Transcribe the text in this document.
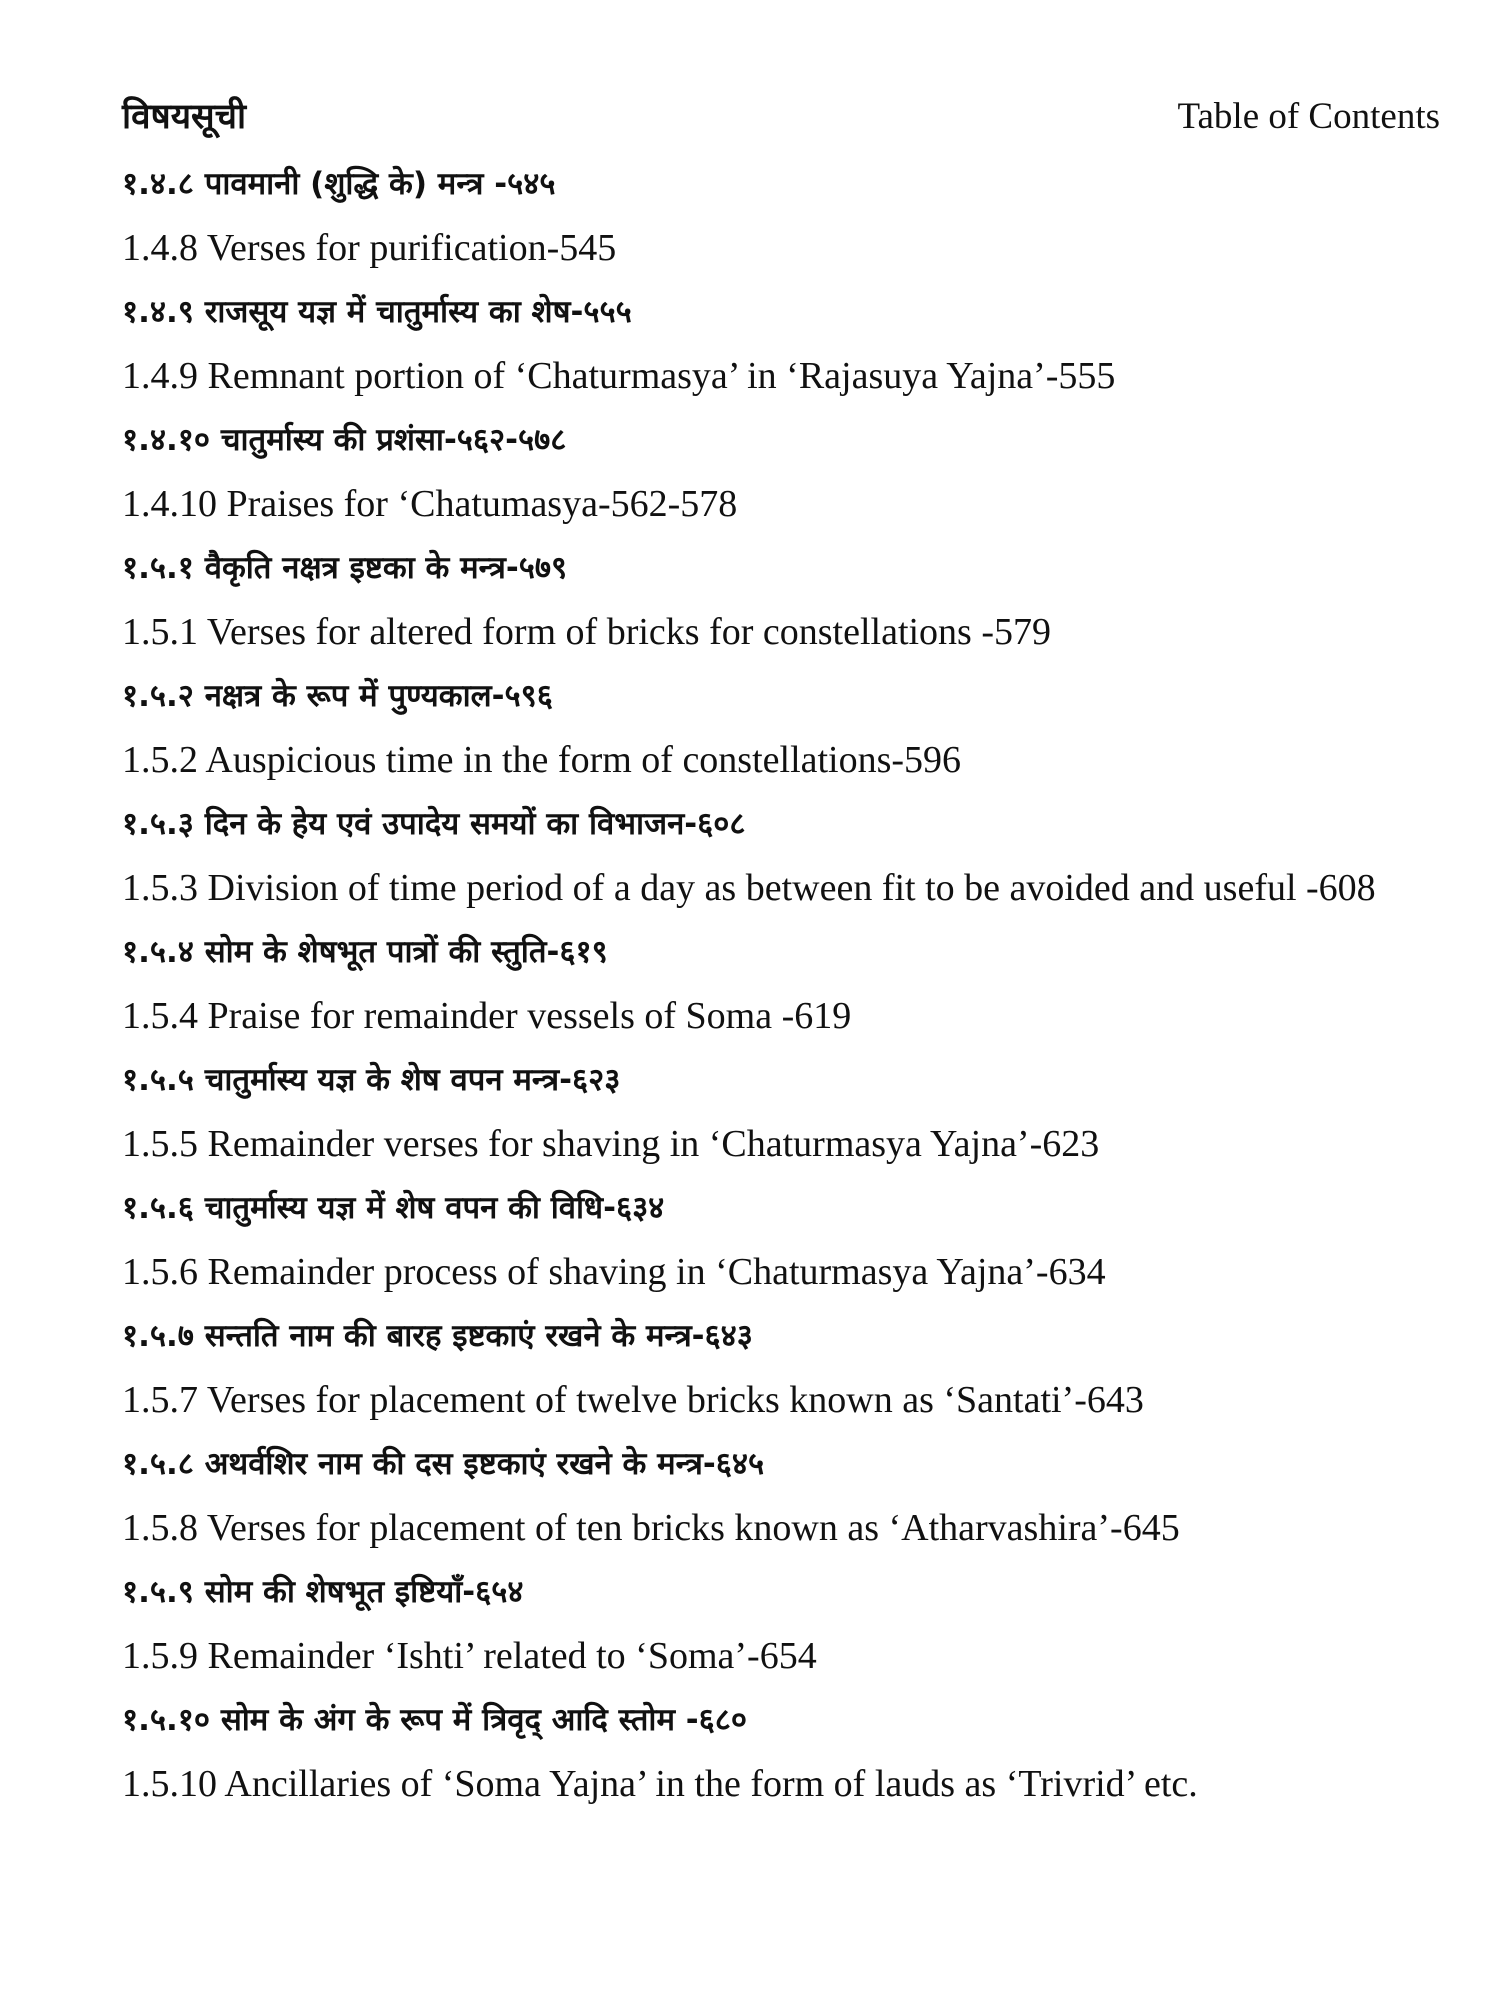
विषयसूची	Table of Contents
१.४.८ पावमानी (शुद्धि के) मन्त्र -५४५
1.4.8 Verses for purification-545
१.४.९ राजसूय यज्ञ में चातुर्मास्य का शेष-५५५
1.4.9 Remnant portion of ‘Chaturmasya’ in ‘Rajasuya Yajna’-555
१.४.१० चातुर्मास्य की प्रशंसा-५६२-५७८
1.4.10 Praises for ‘Chatumasya-562-578
१.५.१ वैकृति नक्षत्र इष्टका के मन्त्र-५७९
1.5.1 Verses for altered form of bricks for constellations -579
१.५.२ नक्षत्र के रूप में पुण्यकाल-५९६
1.5.2 Auspicious time in the form of constellations-596
१.५.३ दिन के हेय एवं उपादेय समयों का विभाजन-६०८
1.5.3 Division of time period of a day as between fit to be avoided and useful -608
१.५.४ सोम के शेषभूत पात्रों की स्तुति-६१९
1.5.4 Praise for remainder vessels of Soma -619
१.५.५ चातुर्मास्य यज्ञ के शेष वपन मन्त्र-६२३
1.5.5 Remainder verses for shaving in ‘Chaturmasya Yajna’-623
१.५.६ चातुर्मास्य यज्ञ में शेष वपन की विधि-६३४
1.5.6 Remainder process of shaving in ‘Chaturmasya Yajna’-634
१.५.७ सन्तति नाम की बारह इष्टकाएं रखने के मन्त्र-६४३
1.5.7 Verses for placement of twelve bricks known as ‘Santati’-643
१.५.८ अथर्वशिर नाम की दस इष्टकाएं रखने के मन्त्र-६४५
1.5.8 Verses for placement of ten bricks known as ‘Atharvashira’-645
१.५.९ सोम की शेषभूत इष्टियाँ-६५४
1.5.9 Remainder ‘Ishti’ related to ‘Soma’-654
१.५.१० सोम के अंग के रूप में त्रिवृद् आदि स्तोम -६८०
1.5.10 Ancillaries of ‘Soma Yajna’ in the form of lauds as ‘Trivrid’ etc.
